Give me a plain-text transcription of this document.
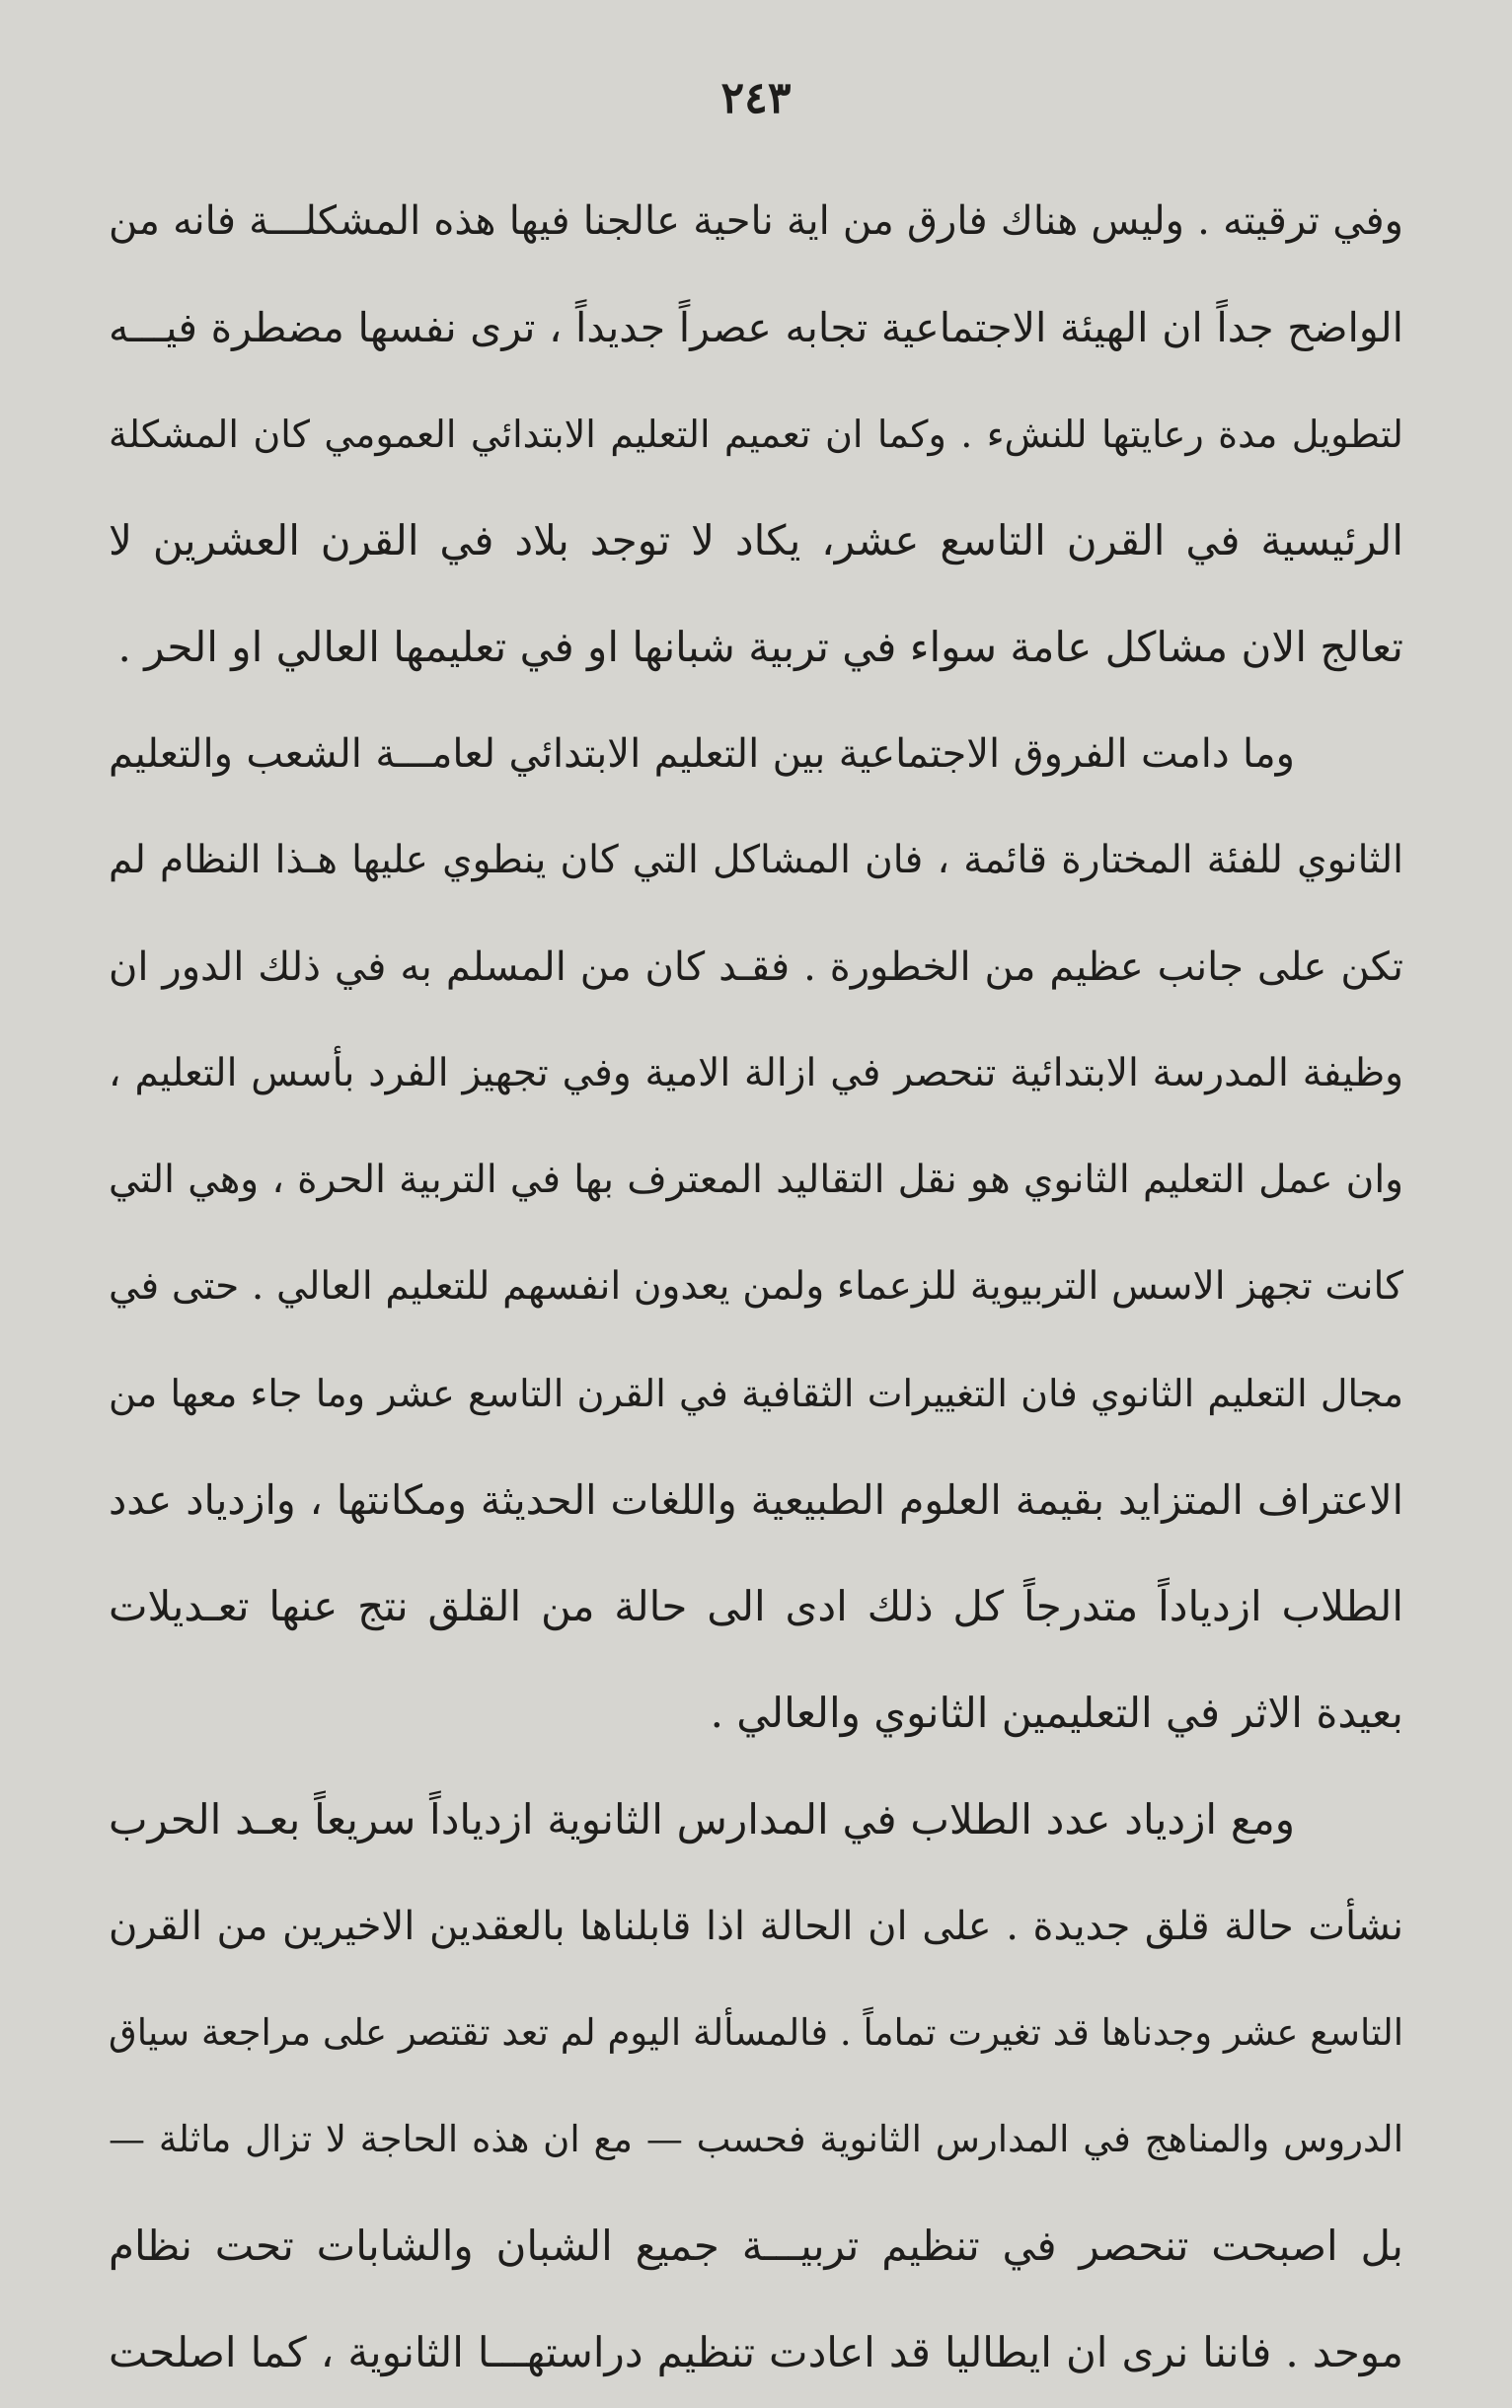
٢٤٣
وفي ترقيته . وليس هناك فارق من اية ناحية عالجنا فيها هذه المشكلـــة فانه من
الواضح جداً ان الهيئة الاجتماعية تجابه عصراً جديداً ، ترى نفسها مضطرة فيـــه
لتطويل مدة رعايتها للنشء . وكما ان تعميم التعليم الابتدائي العمومي كان المشكلة
الرئيسية في القرن التاسع عشر، يكاد لا توجد بلاد في القرن العشرين لا
تعالج الان مشاكل عامة سواء في تربية شبانها او في تعليمها العالي او الحر .
وما دامت الفروق الاجتماعية بين التعليم الابتدائي لعامـــة الشعب والتعليم
الثانوي للفئة المختارة قائمة ، فان المشاكل التي كان ينطوي عليها هـذا النظام لم
تكن على جانب عظيم من الخطورة . فقـد كان من المسلم به في ذلك الدور ان
وظيفة المدرسة الابتدائية تنحصر في ازالة الامية وفي تجهيز الفرد بأسس التعليم ،
وان عمل التعليم الثانوي هو نقل التقاليد المعترف بها في التربية الحرة ، وهي التي
كانت تجهز الاسس التربيوية للزعماء ولمن يعدون انفسهم للتعليم العالي . حتى في
مجال التعليم الثانوي فان التغييرات الثقافية في القرن التاسع عشر وما جاء معها من
الاعتراف المتزايد بقيمة العلوم الطبيعية واللغات الحديثة ومكانتها ، وازدياد عدد
الطلاب ازدياداً متدرجاً كل ذلك ادى الى حالة من القلق نتج عنها تعـديلات
بعيدة الاثر في التعليمين الثانوي والعالي .
ومع ازدياد عدد الطلاب في المدارس الثانوية ازدياداً سريعاً بعـد الحرب
نشأت حالة قلق جديدة . على ان الحالة اذا قابلناها بالعقدين الاخيرين من القرن
التاسع عشر وجدناها قد تغيرت تماماً . فالمسألة اليوم لم تعد تقتصر على مراجعة سياق
الدروس والمناهج في المدارس الثانوية فحسب — مع ان هذه الحاجة لا تزال ماثلة —
بل اصبحت تنحصر في تنظيم تربيـــة جميع الشبان والشابات تحت نظام
موحد . فاننا نرى ان ايطاليا قد اعادت تنظيم دراستهـــا الثانوية ، كما اصلحت
